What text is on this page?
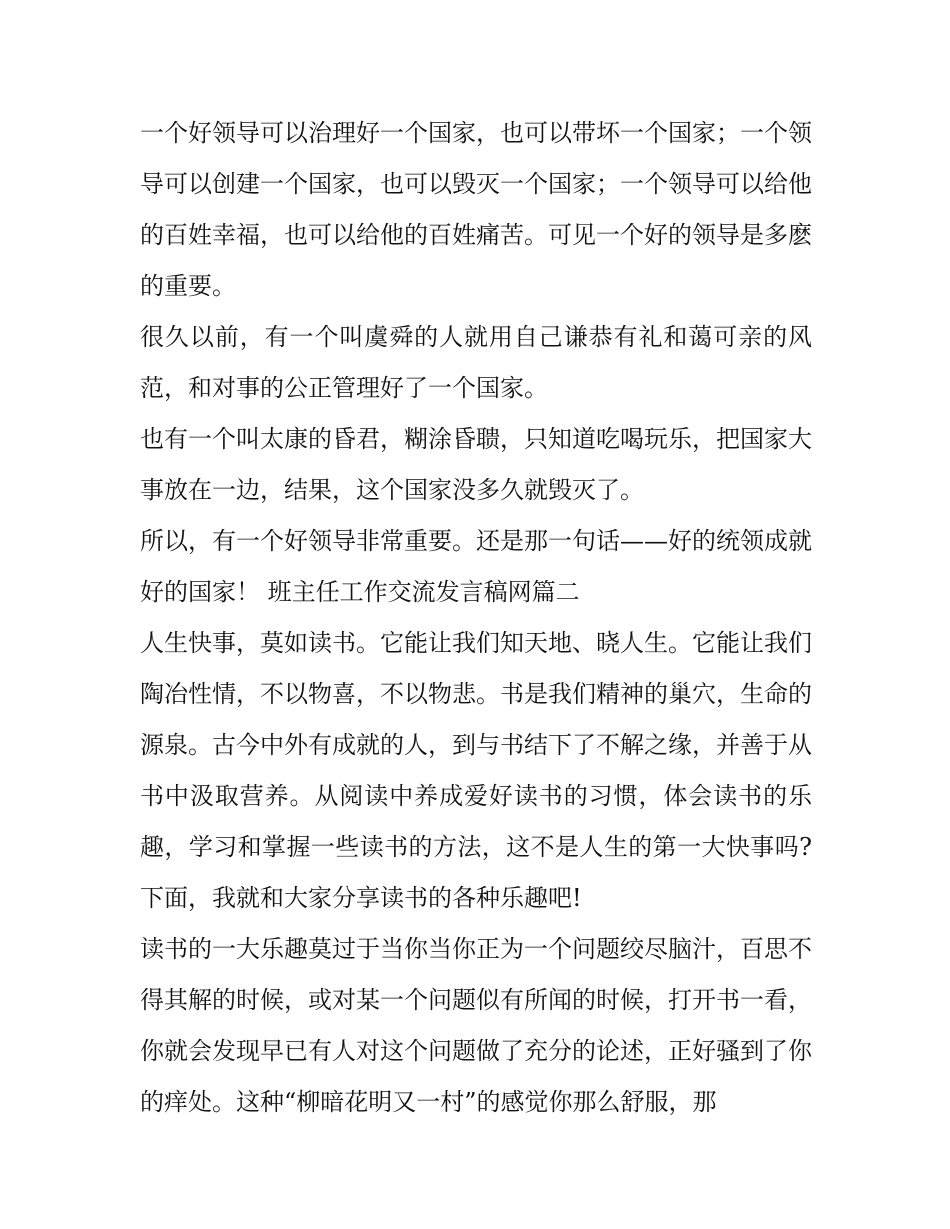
一个好领导可以治理好一个国家，也可以带坏一个国家；一个领导可以创建一个国家，也可以毁灭一个国家；一个领导可以给他的百姓幸福，也可以给他的百姓痛苦。可见一个好的领导是多麽的重要。

很久以前，有一个叫虞舜的人就用自己谦恭有礼和蔼可亲的风范，和对事的公正管理好了一个国家。

也有一个叫太康的昏君，糊涂昏聩，只知道吃喝玩乐，把国家大事放在一边，结果，这个国家没多久就毁灭了。

所以，有一个好领导非常重要。还是那一句话——好的统领成就好的国家！ 班主任工作交流发言稿网篇二

人生快事，莫如读书。它能让我们知天地、晓人生。它能让我们陶冶性情，不以物喜，不以物悲。书是我们精神的巢穴，生命的源泉。古今中外有成就的人，到与书结下了不解之缘，并善于从书中汲取营养。从阅读中养成爱好读书的习惯，体会读书的乐趣，学习和掌握一些读书的方法，这不是人生的第一大快事吗?下面，我就和大家分享读书的各种乐趣吧!

读书的一大乐趣莫过于当你当你正为一个问题绞尽脑汁，百思不得其解的时候，或对某一个问题似有所闻的时候，打开书一看，你就会发现早已有人对这个问题做了充分的论述，正好骚到了你的痒处。这种“柳暗花明又一村”的感觉你那么舒服，那
